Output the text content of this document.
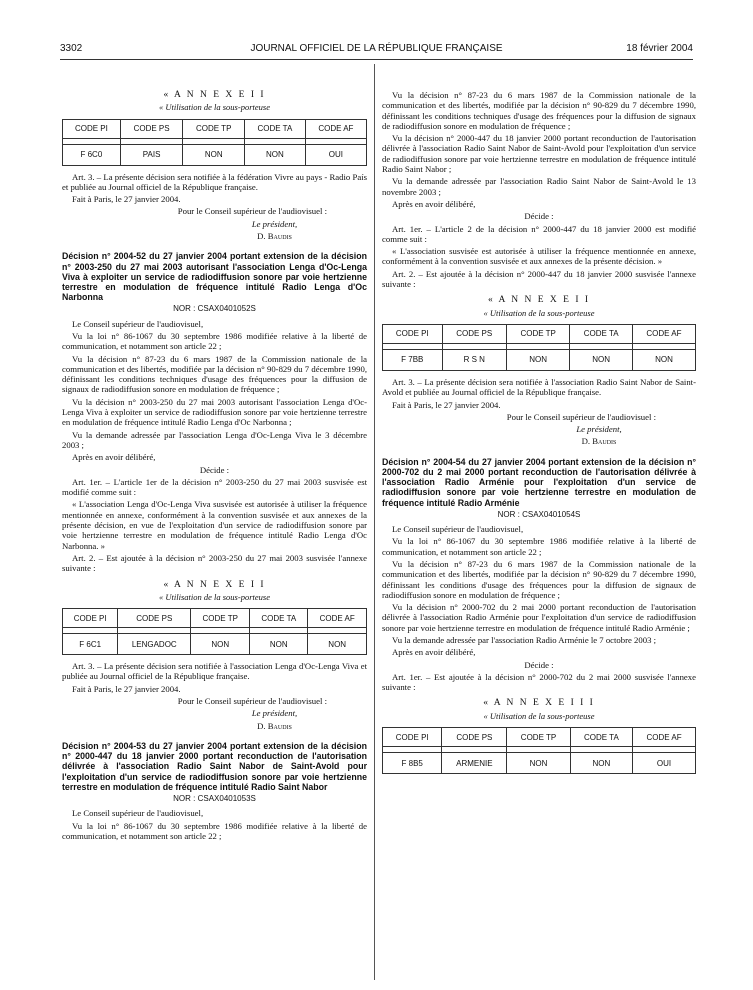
3302	JOURNAL OFFICIEL DE LA RÉPUBLIQUE FRANÇAISE	18 février 2004

« A N N E X E I I

« Utilisation de la sous-porteuse

CODE PI	CODE PS	CODE TP	CODE TA	CODE AF

F 6C0	PAIS	NON	NON	OUI

Art. 3. – La présente décision sera notifiée à la fédération Vivre au pays - Radio País et publiée au Journal officiel de la République française.

Fait à Paris, le 27 janvier 2004.

Pour le Conseil supérieur de l'audiovisuel :

Le président,

D. Baudis

Décision n° 2004-52 du 27 janvier 2004 portant extension de la décision n° 2003-250 du 27 mai 2003 autorisant l'association Lenga d'Oc-Lenga Viva à exploiter un service de radiodiffusion sonore par voie hertzienne terrestre en modulation de fréquence intitulé Radio Lenga d'Oc Narbonna

NOR : CSAX0401052S

Le Conseil supérieur de l'audiovisuel,

Vu la loi n° 86-1067 du 30 septembre 1986 modifiée relative à la liberté de communication, et notamment son article 22 ;

Vu la décision n° 87-23 du 6 mars 1987 de la Commission nationale de la communication et des libertés, modifiée par la décision n° 90-829 du 7 décembre 1990, définissant les conditions techniques d'usage des fréquences pour la diffusion de signaux de radiodiffusion sonore en modulation de fréquence ;

Vu la décision n° 2003-250 du 27 mai 2003 autorisant l'association Lenga d'Oc-Lenga Viva à exploiter un service de radiodiffusion sonore par voie hertzienne terrestre en modulation de fréquence intitulé Radio Lenga d'Oc Narbonna ;

Vu la demande adressée par l'association Lenga d'Oc-Lenga Viva le 3 décembre 2003 ;

Après en avoir délibéré,

Décide :

Art. 1er. – L'article 1er de la décision n° 2003-250 du 27 mai 2003 susvisée est modifié comme suit :

« L'association Lenga d'Oc-Lenga Viva susvisée est autorisée à utiliser la fréquence mentionnée en annexe, conformément à la convention susvisée et aux annexes de la présente décision, en vue de l'exploitation d'un service de radiodiffusion sonore par voie hertzienne terrestre en modulation de fréquence intitulé Radio Lenga d'Oc Narbonna. »

Art. 2. – Est ajoutée à la décision n° 2003-250 du 27 mai 2003 susvisée l'annexe suivante :

« A N N E X E I I

« Utilisation de la sous-porteuse

CODE PI	CODE PS	CODE TP	CODE TA	CODE AF

F 6C1	LENGADOC	NON	NON	NON

Art. 3. – La présente décision sera notifiée à l'association Lenga d'Oc-Lenga Viva et publiée au Journal officiel de la République française.

Fait à Paris, le 27 janvier 2004.

Pour le Conseil supérieur de l'audiovisuel :

Le président,

D. Baudis

Décision n° 2004-53 du 27 janvier 2004 portant extension de la décision n° 2000-447 du 18 janvier 2000 portant reconduction de l'autorisation délivrée à l'association Radio Saint Nabor de Saint-Avold pour l'exploitation d'un service de radiodiffusion sonore par voie hertzienne terrestre en modulation de fréquence intitulé Radio Saint Nabor

NOR : CSAX0401053S

Le Conseil supérieur de l'audiovisuel,

Vu la loi n° 86-1067 du 30 septembre 1986 modifiée relative à la liberté de communication, et notamment son article 22 ;

Vu la décision n° 87-23 du 6 mars 1987 de la Commission nationale de la communication et des libertés, modifiée par la décision n° 90-829 du 7 décembre 1990, définissant les conditions techniques d'usage des fréquences pour la diffusion de signaux de radiodiffusion sonore en modulation de fréquence ;

Vu la décision n° 2000-447 du 18 janvier 2000 portant reconduction de l'autorisation délivrée à l'association Radio Saint Nabor de Saint-Avold pour l'exploitation d'un service de radiodiffusion sonore par voie hertzienne terrestre en modulation de fréquence intitulé Radio Saint Nabor ;

Vu la demande adressée par l'association Radio Saint Nabor de Saint-Avold le 13 novembre 2003 ;

Après en avoir délibéré,

Décide :

Art. 1er. – L'article 2 de la décision n° 2000-447 du 18 janvier 2000 est modifié comme suit :

« L'association susvisée est autorisée à utiliser la fréquence mentionnée en annexe, conformément à la convention susvisée et aux annexes de la présente décision. »

Art. 2. – Est ajoutée à la décision n° 2000-447 du 18 janvier 2000 susvisée l'annexe suivante :

« A N N E X E I I

« Utilisation de la sous-porteuse

CODE PI	CODE PS	CODE TP	CODE TA	CODE AF

F 7BB	R S N	NON	NON	NON

Art. 3. – La présente décision sera notifiée à l'association Radio Saint Nabor de Saint-Avold et publiée au Journal officiel de la République française.

Fait à Paris, le 27 janvier 2004.

Pour le Conseil supérieur de l'audiovisuel :

Le président,

D. Baudis

Décision n° 2004-54 du 27 janvier 2004 portant extension de la décision n° 2000-702 du 2 mai 2000 portant reconduction de l'autorisation délivrée à l'association Radio Arménie pour l'exploitation d'un service de radiodiffusion sonore par voie hertzienne terrestre en modulation de fréquence intitulé Radio Arménie

NOR : CSAX0401054S

Le Conseil supérieur de l'audiovisuel,

Vu la loi n° 86-1067 du 30 septembre 1986 modifiée relative à la liberté de communication, et notamment son article 22 ;

Vu la décision n° 87-23 du 6 mars 1987 de la Commission nationale de la communication et des libertés, modifiée par la décision n° 90-829 du 7 décembre 1990, définissant les conditions d'usage des fréquences pour la diffusion de signaux de radiodiffusion sonore en modulation de fréquence ;

Vu la décision n° 2000-702 du 2 mai 2000 portant reconduction de l'autorisation délivrée à l'association Radio Arménie pour l'exploitation d'un service de radiodiffusion sonore par voie hertzienne terrestre en modulation de fréquence intitulé Radio Arménie ;

Vu la demande adressée par l'association Radio Arménie le 7 octobre 2003 ;

Après en avoir délibéré,

Décide :

Art. 1er. – Est ajoutée à la décision n° 2000-702 du 2 mai 2000 susvisée l'annexe suivante :

« A N N E X E I I I

« Utilisation de la sous-porteuse

CODE PI	CODE PS	CODE TP	CODE TA	CODE AF

F 8B5	ARMENIE	NON	NON	OUI
